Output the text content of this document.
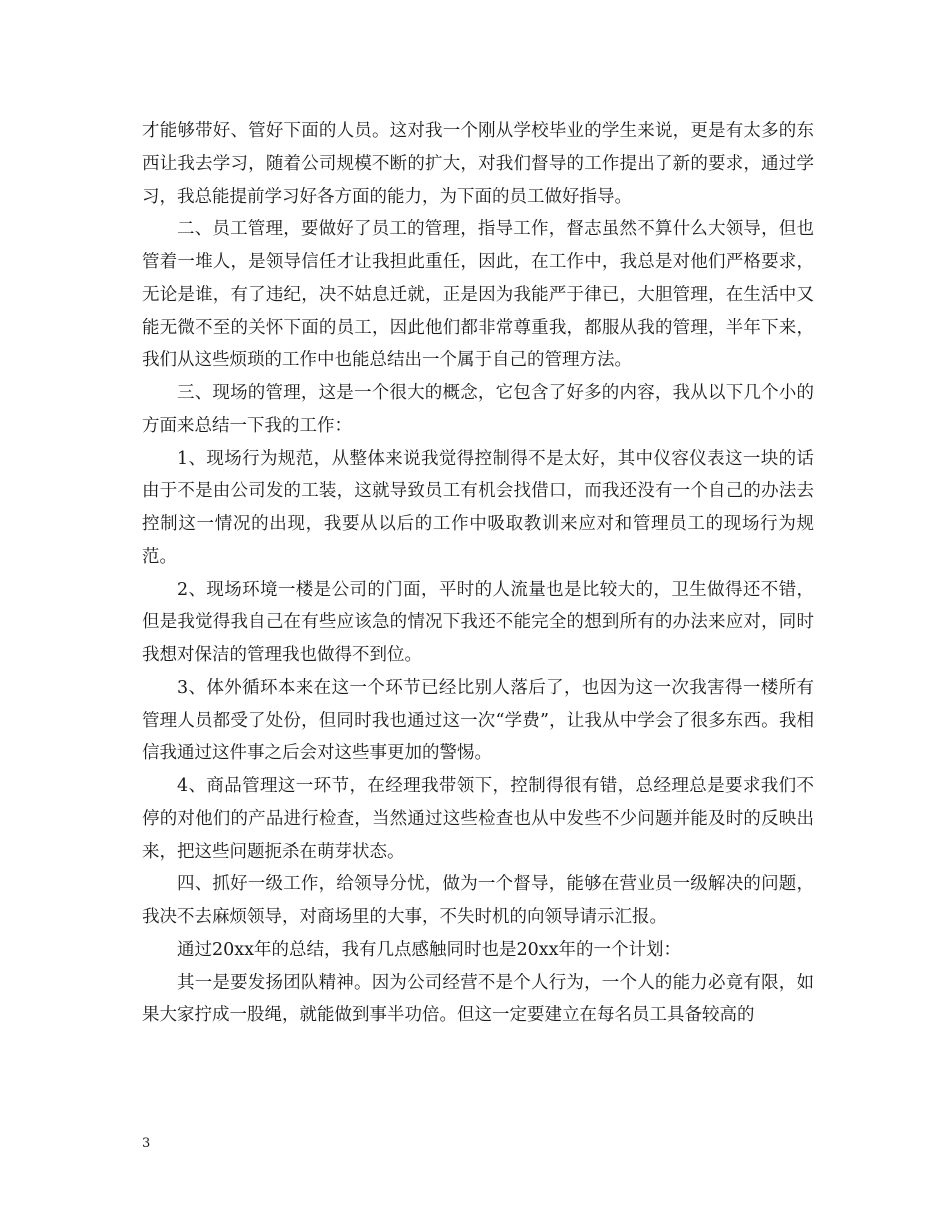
才能够带好、管好下面的人员。这对我一个刚从学校毕业的学生来说，更是有太多的东西让我去学习，随着公司规模不断的扩大，对我们督导的工作提出了新的要求，通过学习，我总能提前学习好各方面的能力，为下面的员工做好指导。

二、员工管理，要做好了员工的管理，指导工作，督志虽然不算什么大领导，但也管着一堆人，是领导信任才让我担此重任，因此，在工作中，我总是对他们严格要求，无论是谁，有了违纪，决不姑息迁就，正是因为我能严于律已，大胆管理，在生活中又能无微不至的关怀下面的员工，因此他们都非常尊重我，都服从我的管理，半年下来，我们从这些烦琐的工作中也能总结出一个属于自己的管理方法。

三、现场的管理，这是一个很大的概念，它包含了好多的内容，我从以下几个小的方面来总结一下我的工作：

1、现场行为规范，从整体来说我觉得控制得不是太好，其中仪容仪表这一块的话由于不是由公司发的工装，这就导致员工有机会找借口，而我还没有一个自己的办法去控制这一情况的出现，我要从以后的工作中吸取教训来应对和管理员工的现场行为规范。

2、现场环境一楼是公司的门面，平时的人流量也是比较大的，卫生做得还不错，但是我觉得我自己在有些应该急的情况下我还不能完全的想到所有的办法来应对，同时我想对保洁的管理我也做得不到位。

3、体外循环本来在这一个环节已经比别人落后了，也因为这一次我害得一楼所有管理人员都受了处份，但同时我也通过这一次“学费”，让我从中学会了很多东西。我相信我通过这件事之后会对这些事更加的警惕。

4、商品管理这一环节，在经理我带领下，控制得很有错，总经理总是要求我们不停的对他们的产品进行检查，当然通过这些检查也从中发些不少问题并能及时的反映出来，把这些问题扼杀在萌芽状态。

四、抓好一级工作，给领导分忧，做为一个督导，能够在营业员一级解决的问题，我决不去麻烦领导，对商场里的大事，不失时机的向领导请示汇报。

通过20xx年的总结，我有几点感触同时也是20xx年的一个计划：

其一是要发扬团队精神。因为公司经营不是个人行为，一个人的能力必竟有限，如果大家拧成一股绳，就能做到事半功倍。但这一定要建立在每名员工具备较高的

3
